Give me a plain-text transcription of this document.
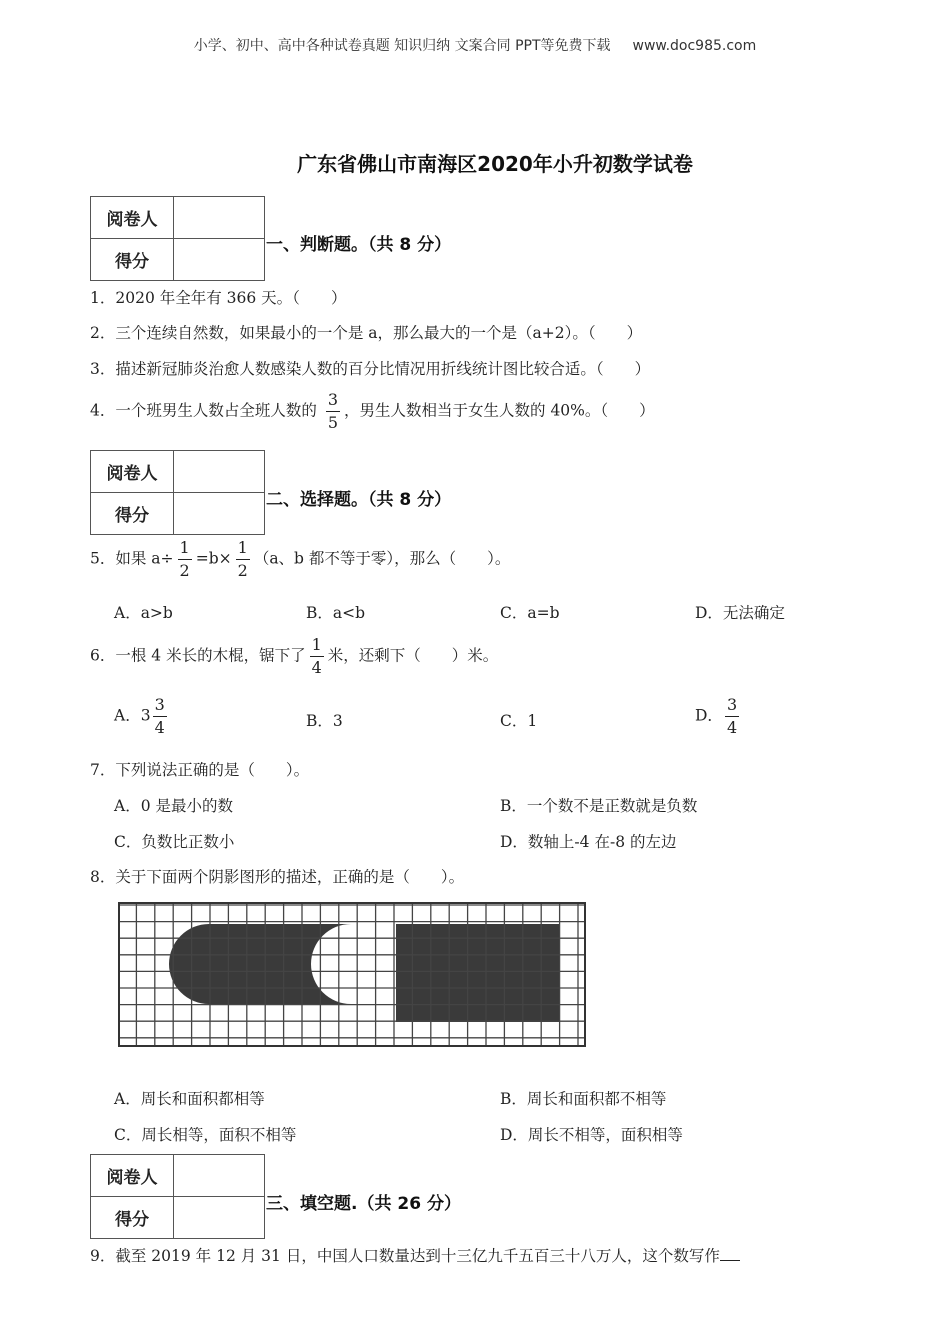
小学、初中、高中各种试卷真题 知识归纳 文案合同 PPT等免费下载 www.doc985.com
广东省佛山市南海区2020年小升初数学试卷
阅卷人	
得分	
一、判断题。（共 8 分）
1．2020 年全年有 366 天。（　　）
2．三个连续自然数，如果最小的一个是 a，那么最大的一个是（a+2）。（　　）
3．描述新冠肺炎治愈人数感染人数的百分比情况用折线统计图比较合适。（　　）
4．一个班男生人数占全班人数的 $\frac{3}{5}$ ，男生人数相当于女生人数的 40%。（　　）
阅卷人	
得分	
二、选择题。（共 8 分）
5．如果 $a\div \frac{1}{2} =b\times \frac{1}{2} (a$、b 都不等于零），那么（　　）。
A．a>b	B．a<b	C．a=b	D．无法确定
6．一根 4 米长的木棍，锯下了 $\frac{1}{4}$ 米，还剩下（　　）米。
A．$3 \frac{3}{4}$	B．3	C．1	D． $\frac{3}{4}$
7．下列说法正确的是（　　）。
A．0 是最小的数	B．一个数不是正数就是负数
C．负数比正数小	D．数轴上-4 在-8 的左边
8．关于下面两个阴影图形的描述，正确的是（　　）。
A．周长和面积都相等	B．周长和面积都不相等
C．周长相等，面积不相等	D．周长不相等，面积相等
阅卷人	
得分	
三、填空题.（共 26 分）
9．截至 2019 年 12 月 31 日，中国人口数量达到十三亿九千五百三十八万人，这个数写作
